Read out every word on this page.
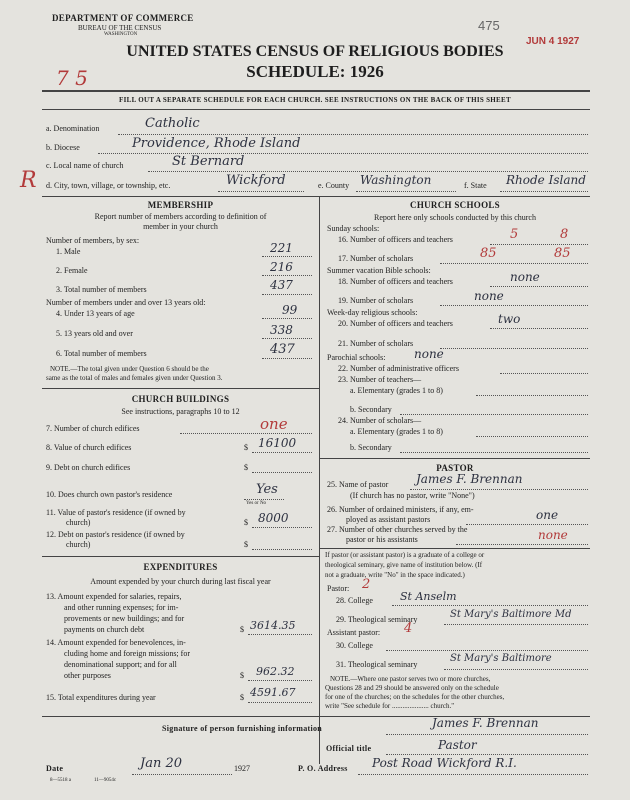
DEPARTMENT OF COMMERCE
BUREAU OF THE CENSUS
WASHINGTON
475
JUN 4 1927
UNITED STATES CENSUS OF RELIGIOUS BODIES
SCHEDULE: 1926
7 5
FILL OUT A SEPARATE SCHEDULE FOR EACH CHURCH. SEE INSTRUCTIONS ON THE BACK OF THIS SHEET
a. Denomination	Catholic
b. Diocese	Providence, Rhode Island
c. Local name of church	St Bernard
R d. City, town, village, or township, etc.	Wickford	e. County Washington	f. State Rhode Island
MEMBERSHIP
Report number of members according to definition of
member in your church
Number of members, by sex:
1. Male	221
2. Female	216
3. Total number of members	437
Number of members under and over 13 years old:
4. Under 13 years of age	99
5. 13 years old and over	338
6. Total number of members	437
NOTE.—The total given under Question 6 should be the
same as the total of males and females given under Question 3.
CHURCH BUILDINGS
See instructions, paragraphs 10 to 12
7. Number of church edifices	one
8. Value of church edifices	$ 16100
9. Debt on church edifices	$
10. Does church own pastor's residence	Yes
Yes or No
11. Value of pastor's residence (if owned by
church)	$ 8000
12. Debt on pastor's residence (if owned by
church)	$
EXPENDITURES
Amount expended by your church during last fiscal year
13. Amount expended for salaries, repairs,
and other running expenses; for im-
provements or new buildings; and for
payments on church debt	$ 3614.35
14. Amount expended for benevolences, in-
cluding home and foreign missions; for
denominational support; and for all
other purposes	$ 962.32
15. Total expenditures during year	$ 4591.67
CHURCH SCHOOLS
Report here only schools conducted by this church
Sunday schools:
16. Number of officers and teachers	5	8
17. Number of scholars	85	85
Summer vacation Bible schools:
18. Number of officers and teachers	none
19. Number of scholars	none
Week-day religious schools:
20. Number of officers and teachers	two
21. Number of scholars
Parochial schools: none
22. Number of administrative officers
23. Number of teachers—
a. Elementary (grades 1 to 8)
b. Secondary
24. Number of scholars—
a. Elementary (grades 1 to 8)
b. Secondary
PASTOR
25. Name of pastor James F. Brennan
(If church has no pastor, write "None")
26. Number of ordained ministers, if any, em-
ployed as assistant pastors	one
27. Number of other churches served by the
pastor or his assistants	none
If pastor (or assistant pastor) is a graduate of a college or
theological seminary, give name of institution below. (If
not a graduate, write "No" in the space indicated.)
Pastor: 2
28. College St Anselm
29. Theological seminary	St Mary's Baltimore Md
Assistant pastor: 4
30. College
31. Theological seminary
St Mary's Baltimore
NOTE.—Where one pastor serves two or more churches,
Questions 28 and 29 should be answered only on the schedule
for one of the churches; on the schedules for the other churches,
write "See schedule for ..................... church."
Signature of person furnishing information	James F. Brennan
Official title	Pastor
Date	Jan 20	1927	P. O. Address Post Road Wickford R.I.
8—5518 a	11—9054c
